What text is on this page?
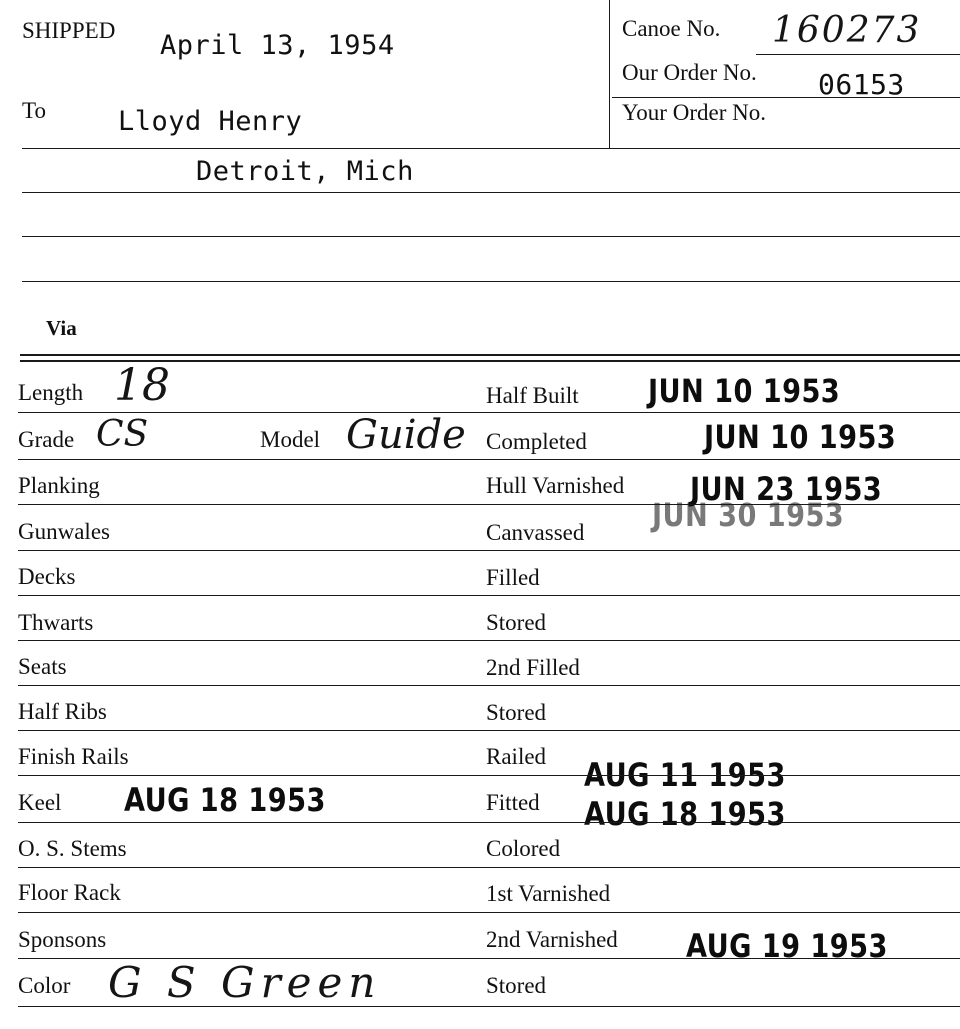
SHIPPED April 13, 1954
Canoe No. 160273
Our Order No. 06153
Your Order No.
To	Lloyd Henry
Detroit, Mich
Via
Length
Grade
Planking
Gunwales
Decks
Thwarts
Seats
Half Ribs
Finish Rails
Keel
O. S. Stems
Floor Rack
Sponsons
Color
18
CS	Model Guide
AUG 18 1953
G S Green
Half Built
Completed
Hull Varnished
Canvassed
Filled
Stored
2nd Filled
Stored
Railed
Fitted
Colored
1st Varnished
2nd Varnished
Stored
JUN 10 1953
JUN 10 1953
JUN 23 1953
JUN 30 1953
AUG 11 1953
AUG 18 1953
AUG 19 1953
